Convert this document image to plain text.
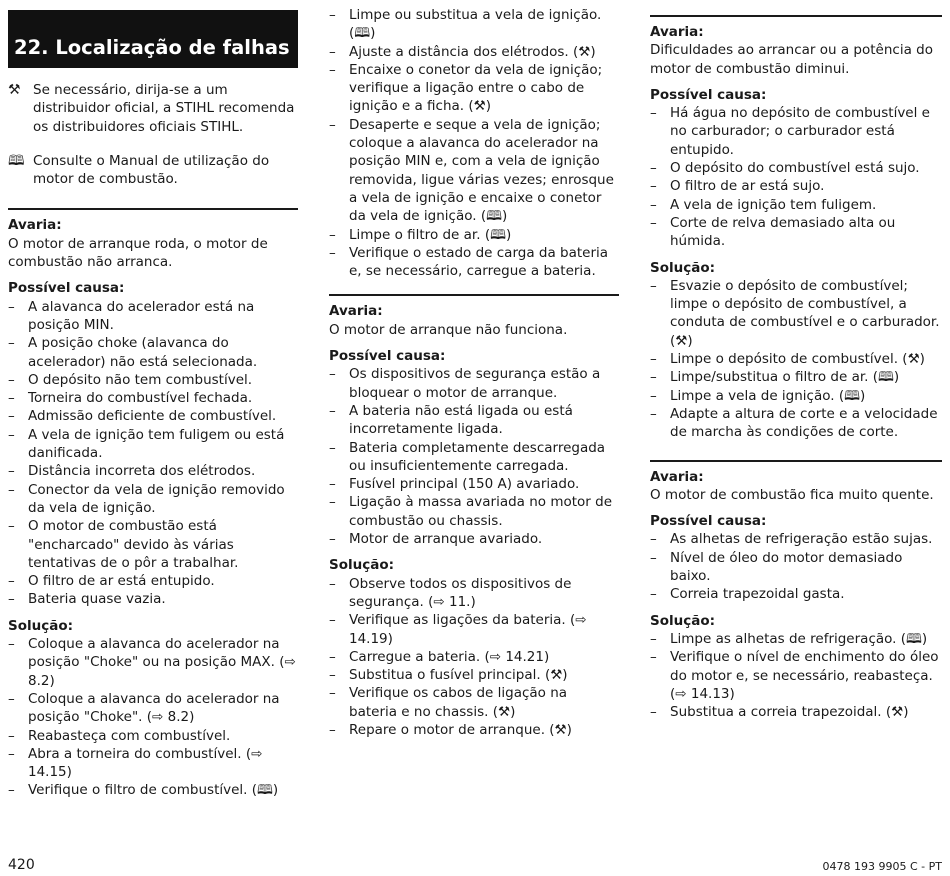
22. Localização de falhas
⚒ Se necessário, dirija-se a um distribuidor oficial, a STIHL recomenda os distribuidores oficiais STIHL.
🕮 Consulte o Manual de utilização do motor de combustão.
Avaria:

O motor de arranque roda, o motor de combustão não arranca.

Possível causa:
– A alavanca do acelerador está na posição MIN.
– A posição choke (alavanca do acelerador) não está selecionada.
– O depósito não tem combustível.
– Torneira do combustível fechada.
– Admissão deficiente de combustível.
– A vela de ignição tem fuligem ou está danificada.
– Distância incorreta dos elétrodos.
– Conector da vela de ignição removido da vela de ignição.
– O motor de combustão está "encharcado" devido às várias tentativas de o pôr a trabalhar.
– O filtro de ar está entupido.
– Bateria quase vazia.
Solução:
– Coloque a alavanca do acelerador na posição "Choke" ou na posição MAX. (⇨ 8.2)
– Coloque a alavanca do acelerador na posição "Choke". (⇨ 8.2)
– Reabasteça com combustível.
– Abra a torneira do combustível. (⇨ 14.15)
– Verifique o filtro de combustível. (🕮)
– Limpe ou substitua a vela de ignição. (🕮)
– Ajuste a distância dos elétrodos. (⚒)
– Encaixe o conetor da vela de ignição; verifique a ligação entre o cabo de ignição e a ficha. (⚒)
– Desaperte e seque a vela de ignição; coloque a alavanca do acelerador na posição MIN e, com a vela de ignição removida, ligue várias vezes; enrosque a vela de ignição e encaixe o conetor da vela de ignição. (🕮)
– Limpe o filtro de ar. (🕮)
– Verifique o estado de carga da bateria e, se necessário, carregue a bateria.
Avaria:

O motor de arranque não funciona.

Possível causa:
– Os dispositivos de segurança estão a bloquear o motor de arranque.
– A bateria não está ligada ou está incorretamente ligada.
– Bateria completamente descarregada ou insuficientemente carregada.
– Fusível principal (150 A) avariado.
– Ligação à massa avariada no motor de combustão ou chassis.
– Motor de arranque avariado.
Solução:
– Observe todos os dispositivos de segurança. (⇨ 11.)
– Verifique as ligações da bateria. (⇨ 14.19)
– Carregue a bateria. (⇨ 14.21)
– Substitua o fusível principal. (⚒)
– Verifique os cabos de ligação na bateria e no chassis. (⚒)
– Repare o motor de arranque. (⚒)
Avaria:

Dificuldades ao arrancar ou a potência do motor de combustão diminui.

Possível causa:
– Há água no depósito de combustível e no carburador; o carburador está entupido.
– O depósito do combustível está sujo.
– O filtro de ar está sujo.
– A vela de ignição tem fuligem.
– Corte de relva demasiado alta ou húmida.
Solução:
– Esvazie o depósito de combustível; limpe o depósito de combustível, a conduta de combustível e o carburador. (⚒)
– Limpe o depósito de combustível. (⚒)
– Limpe/substitua o filtro de ar. (🕮)
– Limpe a vela de ignição. (🕮)
– Adapte a altura de corte e a velocidade de marcha às condições de corte.
Avaria:

O motor de combustão fica muito quente.

Possível causa:
– As alhetas de refrigeração estão sujas.
– Nível de óleo do motor demasiado baixo.
– Correia trapezoidal gasta.
Solução:
– Limpe as alhetas de refrigeração. (🕮)
– Verifique o nível de enchimento do óleo do motor e, se necessário, reabasteça. (⇨ 14.13)
– Substitua a correia trapezoidal. (⚒)
420	0478 193 9905 C - PT
